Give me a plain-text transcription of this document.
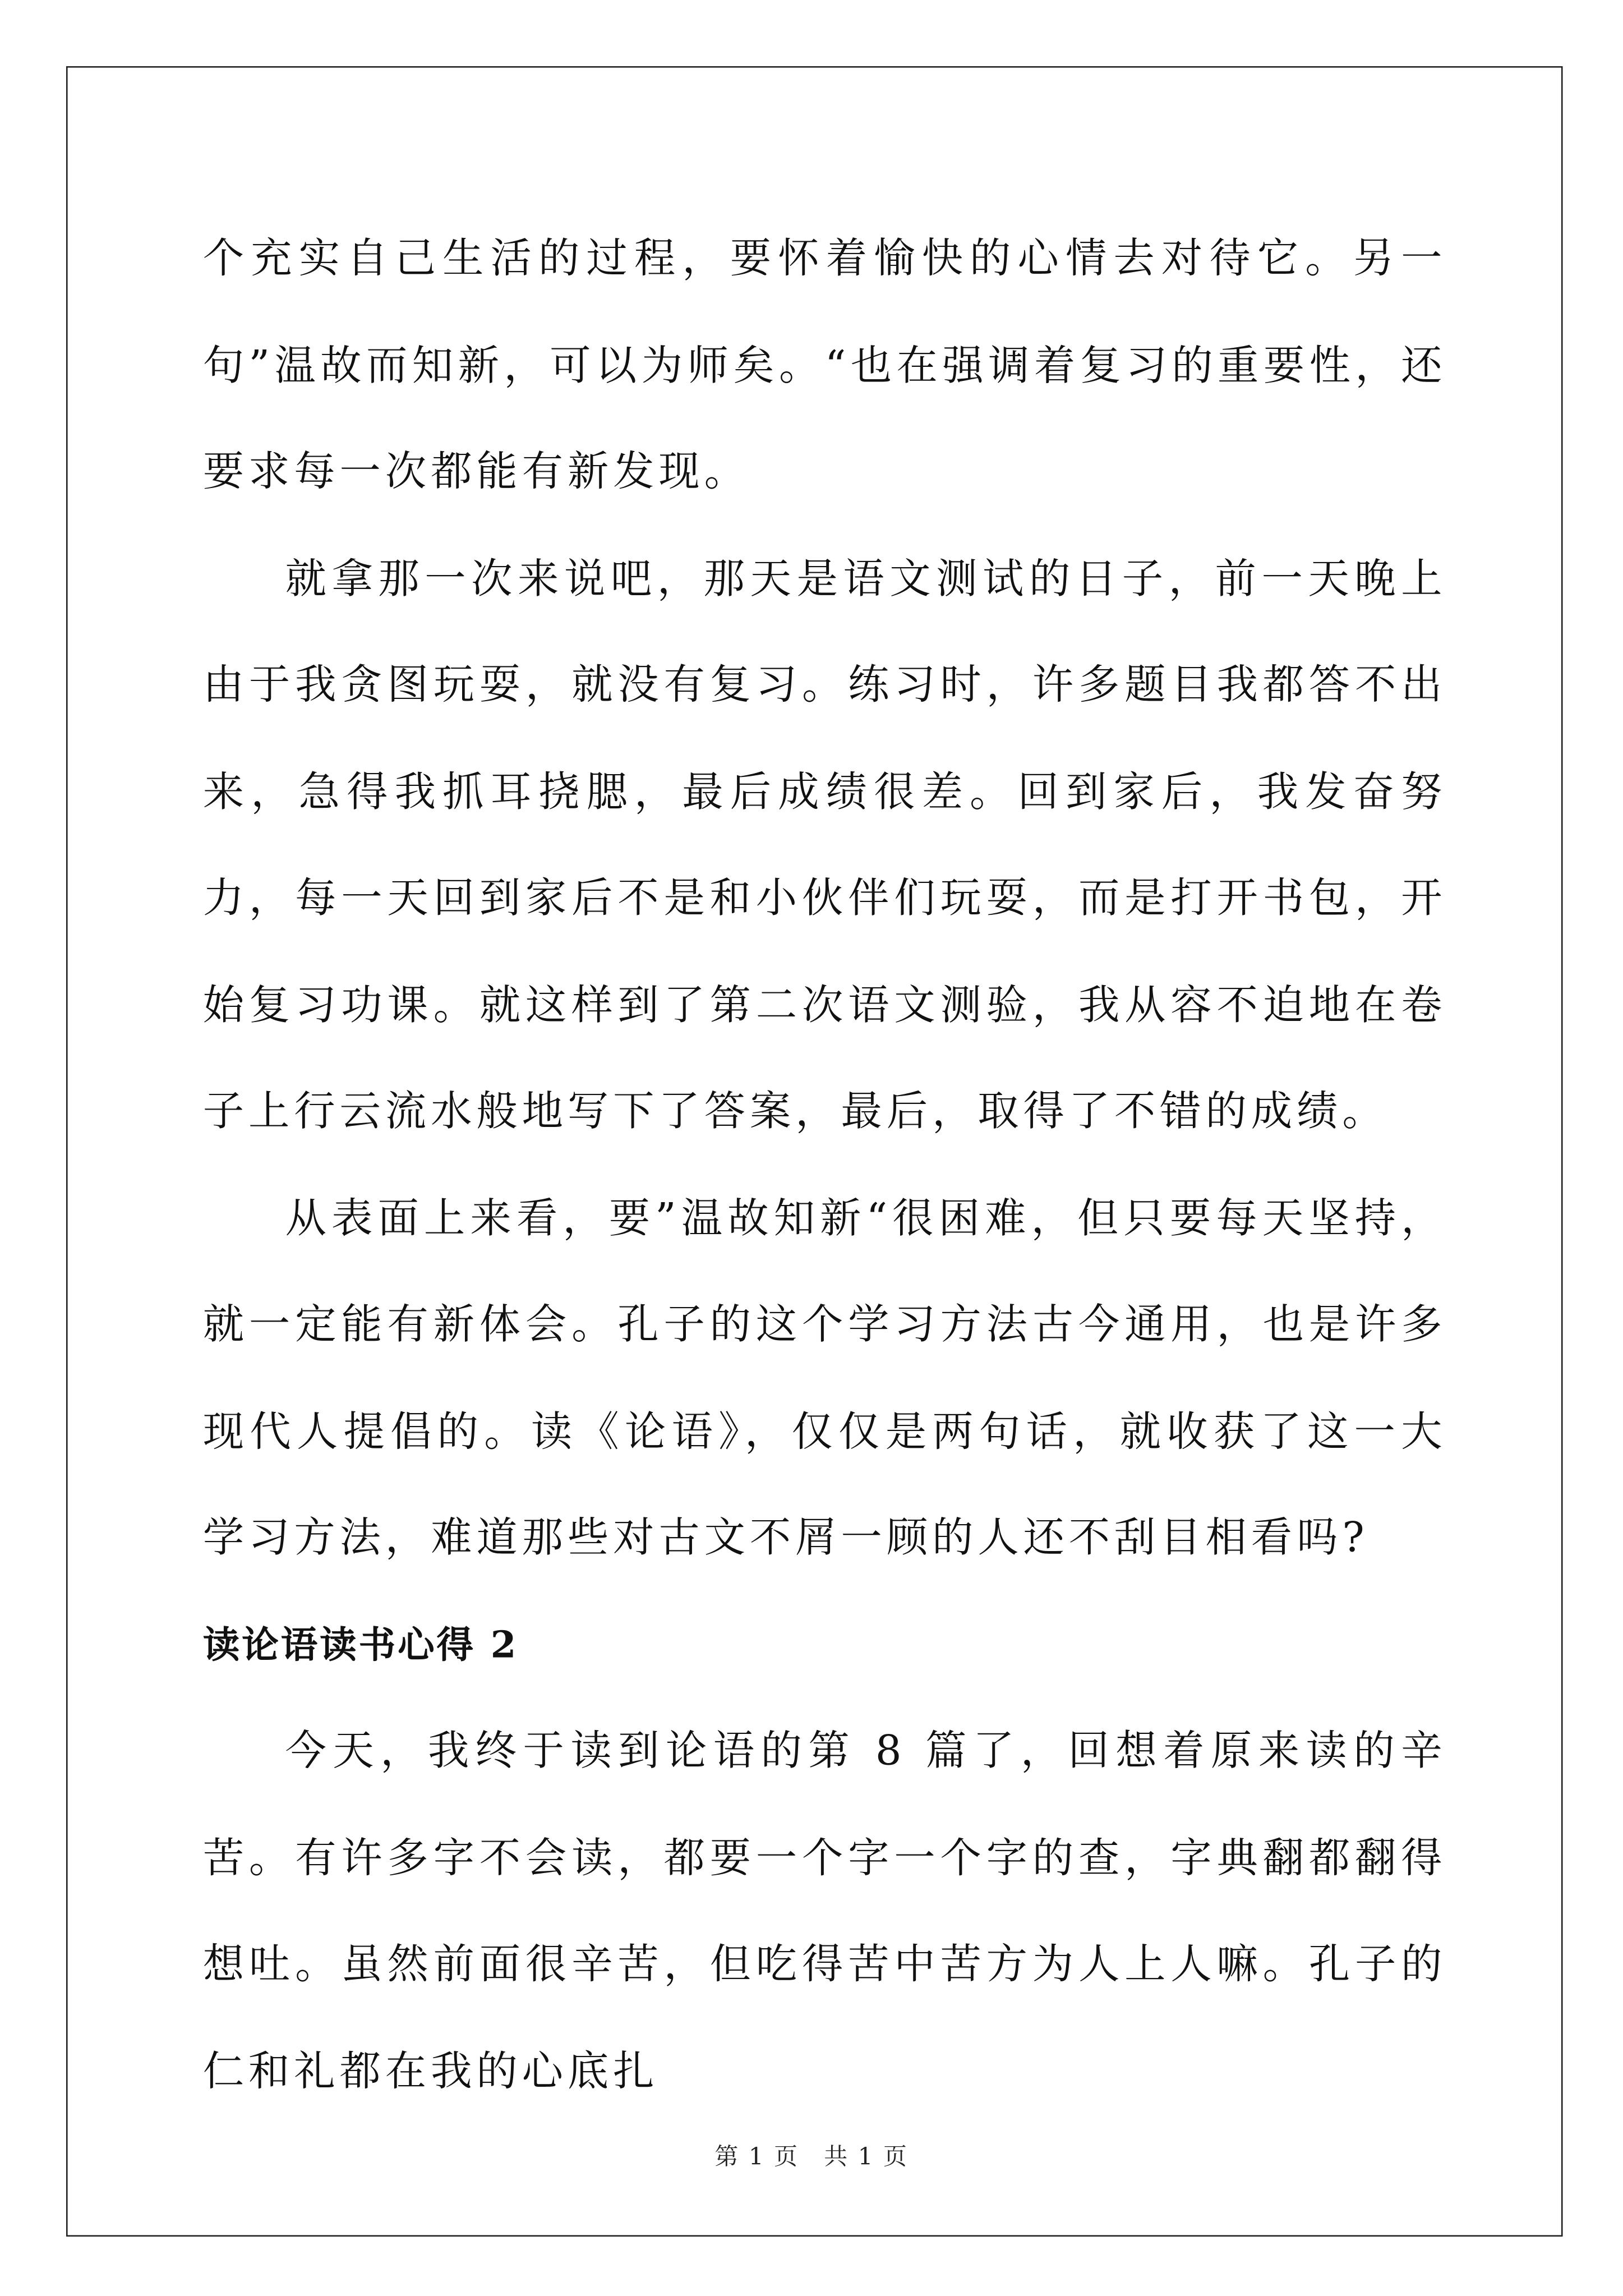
个充实自己生活的过程，要怀着愉快的心情去对待它。另一句”温故而知新，可以为师矣。“也在强调着复习的重要性，还要求每一次都能有新发现。

就拿那一次来说吧，那天是语文测试的日子，前一天晚上由于我贪图玩耍，就没有复习。练习时，许多题目我都答不出来，急得我抓耳挠腮，最后成绩很差。回到家后，我发奋努力，每一天回到家后不是和小伙伴们玩耍，而是打开书包，开始复习功课。就这样到了第二次语文测验，我从容不迫地在卷子上行云流水般地写下了答案，最后，取得了不错的成绩。

从表面上来看，要”温故知新“很困难，但只要每天坚持，就一定能有新体会。孔子的这个学习方法古今通用，也是许多现代人提倡的。读《论语》，仅仅是两句话，就收获了这一大学习方法，难道那些对古文不屑一顾的人还不刮目相看吗?

读论语读书心得 2

今天，我终于读到论语的第 8 篇了，回想着原来读的辛苦。有许多字不会读，都要一个字一个字的查，字典翻都翻得想吐。虽然前面很辛苦，但吃得苦中苦方为人上人嘛。孔子的仁和礼都在我的心底扎

第 1 页　共 1 页
